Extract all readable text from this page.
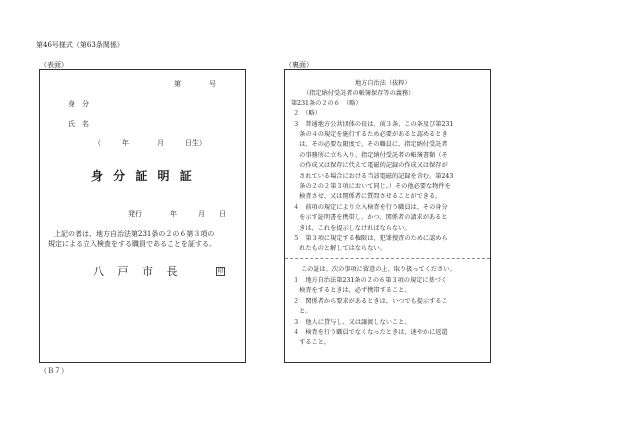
第46号様式（第63条関係）
（表面）
第　　　　号
身　分
氏　名
（　　　年　　　　月　　　日生）
身 分 証 明 証
発行　　　　年　　　月　　日
上記の者は、地方自治法第231条の２の６第３項の
規定による立入検査をする職員であることを証する。
八 戸 市 長	印
（Ｂ７）
（裏面）
地方自治法（抜粋）
（指定納付受託者の帳簿保存等の義務）
第231条の２の６　（略）
２　（略）
３　普通地方公共団体の長は、前３条、この条及び第231
　条の４の規定を施行するため必要があると認めるとき
　は、その必要な限度で、その職員に、指定納付受託者
　の事務所に立ち入り、指定納付受託者の帳簿書類（そ
　の作成又は保存に代えて電磁的記録の作成又は保存が
　されている場合における当該電磁的記録を含む。第243
　条の２の２第３項において同じ。）その他必要な物件を
　検査させ、又は関係者に質問させることができる。
４　前項の規定により立入検査を行う職員は、その身分
　を示す証明書を携帯し、かつ、関係者の請求があると
　きは、これを提示しなければならない。
５　第３項に規定する権限は、犯罪捜査のために認めら
　れたものと解してはならない。
この証は、次の事項に留意の上、取り扱ってください。
１　地方自治法第231条の２の６第３項の規定に基づく
　検査をするときは、必ず携帯すること。
２　関係者から要求があるときは、いつでも提示するこ
　と。
３　他人に貸与し、又は譲渡しないこと。
４　検査を行う職員でなくなったときは、速やかに返還
　すること。
